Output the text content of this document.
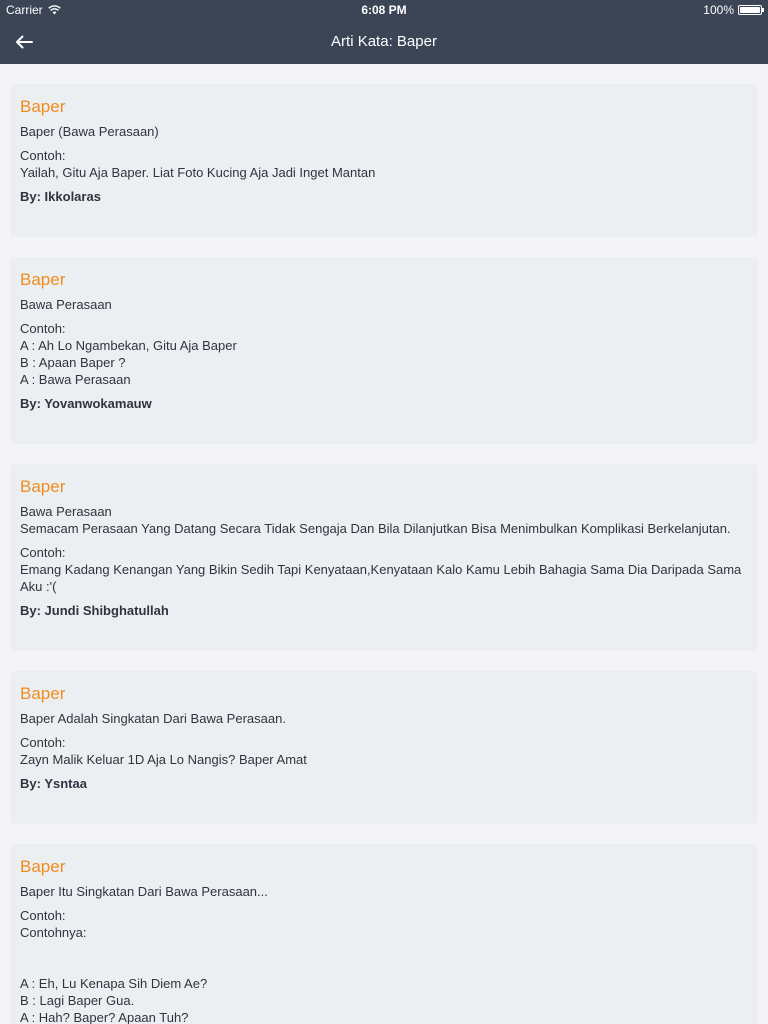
Carrier	6:08 PM	100%
Arti Kata: Baper
Baper
Baper (Bawa Perasaan)
Contoh:
Yailah, Gitu Aja Baper. Liat Foto Kucing Aja Jadi Inget Mantan
By: Ikkolaras
Baper
Bawa Perasaan
Contoh:
A : Ah Lo Ngambekan, Gitu Aja Baper
B : Apaan Baper ?
A : Bawa Perasaan
By: Yovanwokamauw
Baper
Bawa Perasaan
Semacam Perasaan Yang Datang Secara Tidak Sengaja Dan Bila Dilanjutkan Bisa Menimbulkan Komplikasi Berkelanjutan.
Contoh:
Emang Kadang Kenangan Yang Bikin Sedih Tapi Kenyataan,Kenyataan Kalo Kamu Lebih Bahagia Sama Dia Daripada Sama Aku :'(
By: Jundi Shibghatullah
Baper
Baper Adalah Singkatan Dari Bawa Perasaan.
Contoh:
Zayn Malik Keluar 1D Aja Lo Nangis? Baper Amat
By: Ysntaa
Baper
Baper Itu Singkatan Dari Bawa Perasaan...
Contoh:
Contohnya:

A : Eh, Lu Kenapa Sih Diem Ae?
B : Lagi Baper Gua.
A : Hah? Baper? Apaan Tuh?
